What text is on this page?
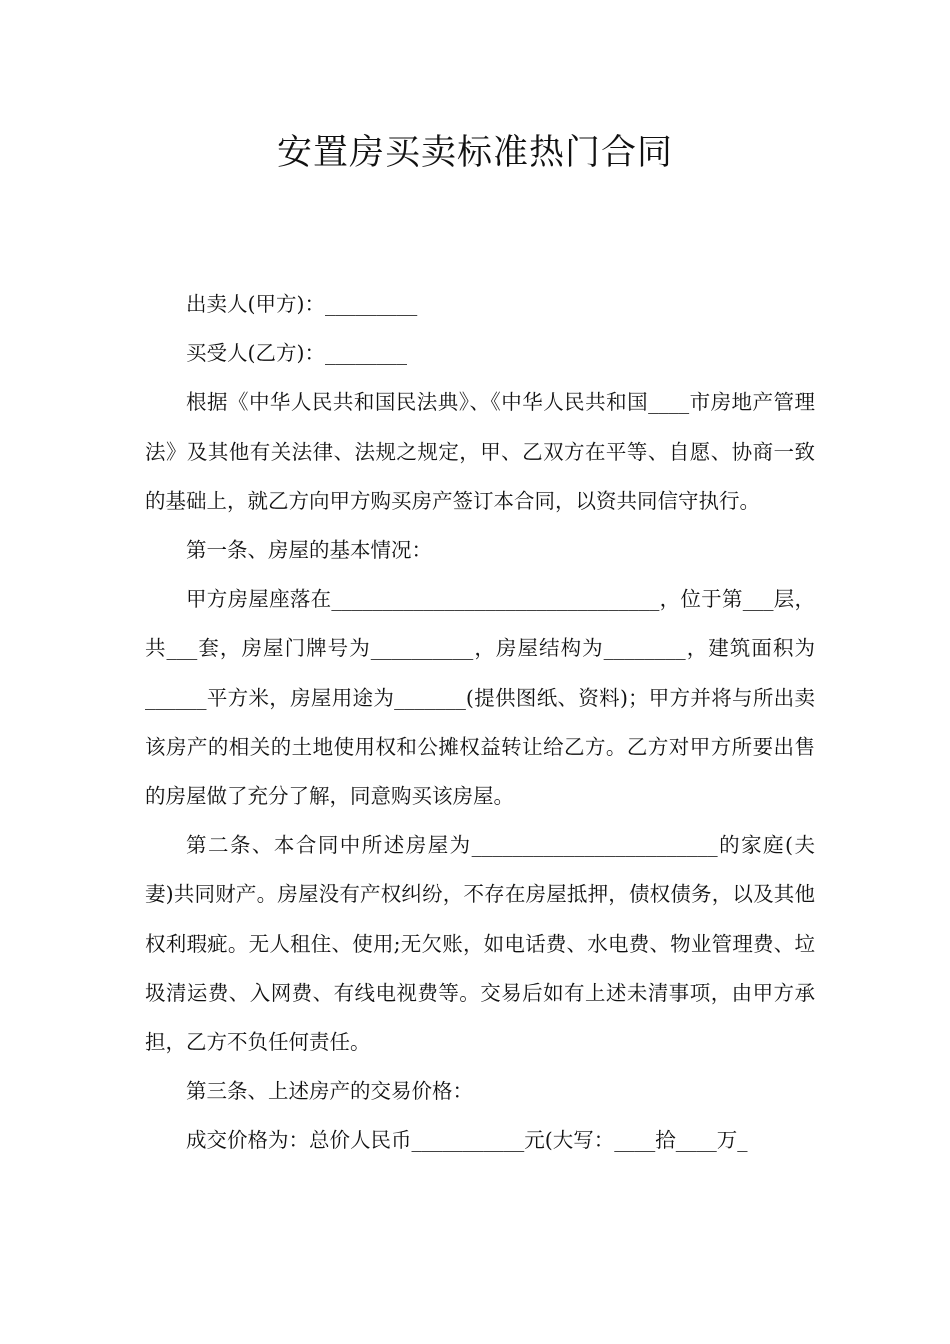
安置房买卖标准热门合同

出卖人(甲方)：_________

买受人(乙方)：________

根据《中华人民共和国民法典》、《中华人民共和国____市房地产管理法》及其他有关法律、法规之规定，甲、乙双方在平等、自愿、协商一致的基础上，就乙方向甲方购买房产签订本合同，以资共同信守执行。

第一条、房屋的基本情况：

甲方房屋座落在________________________________，位于第___层，共___套，房屋门牌号为__________，房屋结构为________，建筑面积为______平方米，房屋用途为_______(提供图纸、资料)；甲方并将与所出卖该房产的相关的土地使用权和公摊权益转让给乙方。乙方对甲方所要出售的房屋做了充分了解，同意购买该房屋。

第二条、本合同中所述房屋为________________________的家庭(夫妻)共同财产。房屋没有产权纠纷，不存在房屋抵押，债权债务，以及其他权利瑕疵。无人租住、使用;无欠账，如电话费、水电费、物业管理费、垃圾清运费、入网费、有线电视费等。交易后如有上述未清事项，由甲方承担，乙方不负任何责任。

第三条、上述房产的交易价格：

成交价格为：总价人民币___________元(大写：____拾____万_
